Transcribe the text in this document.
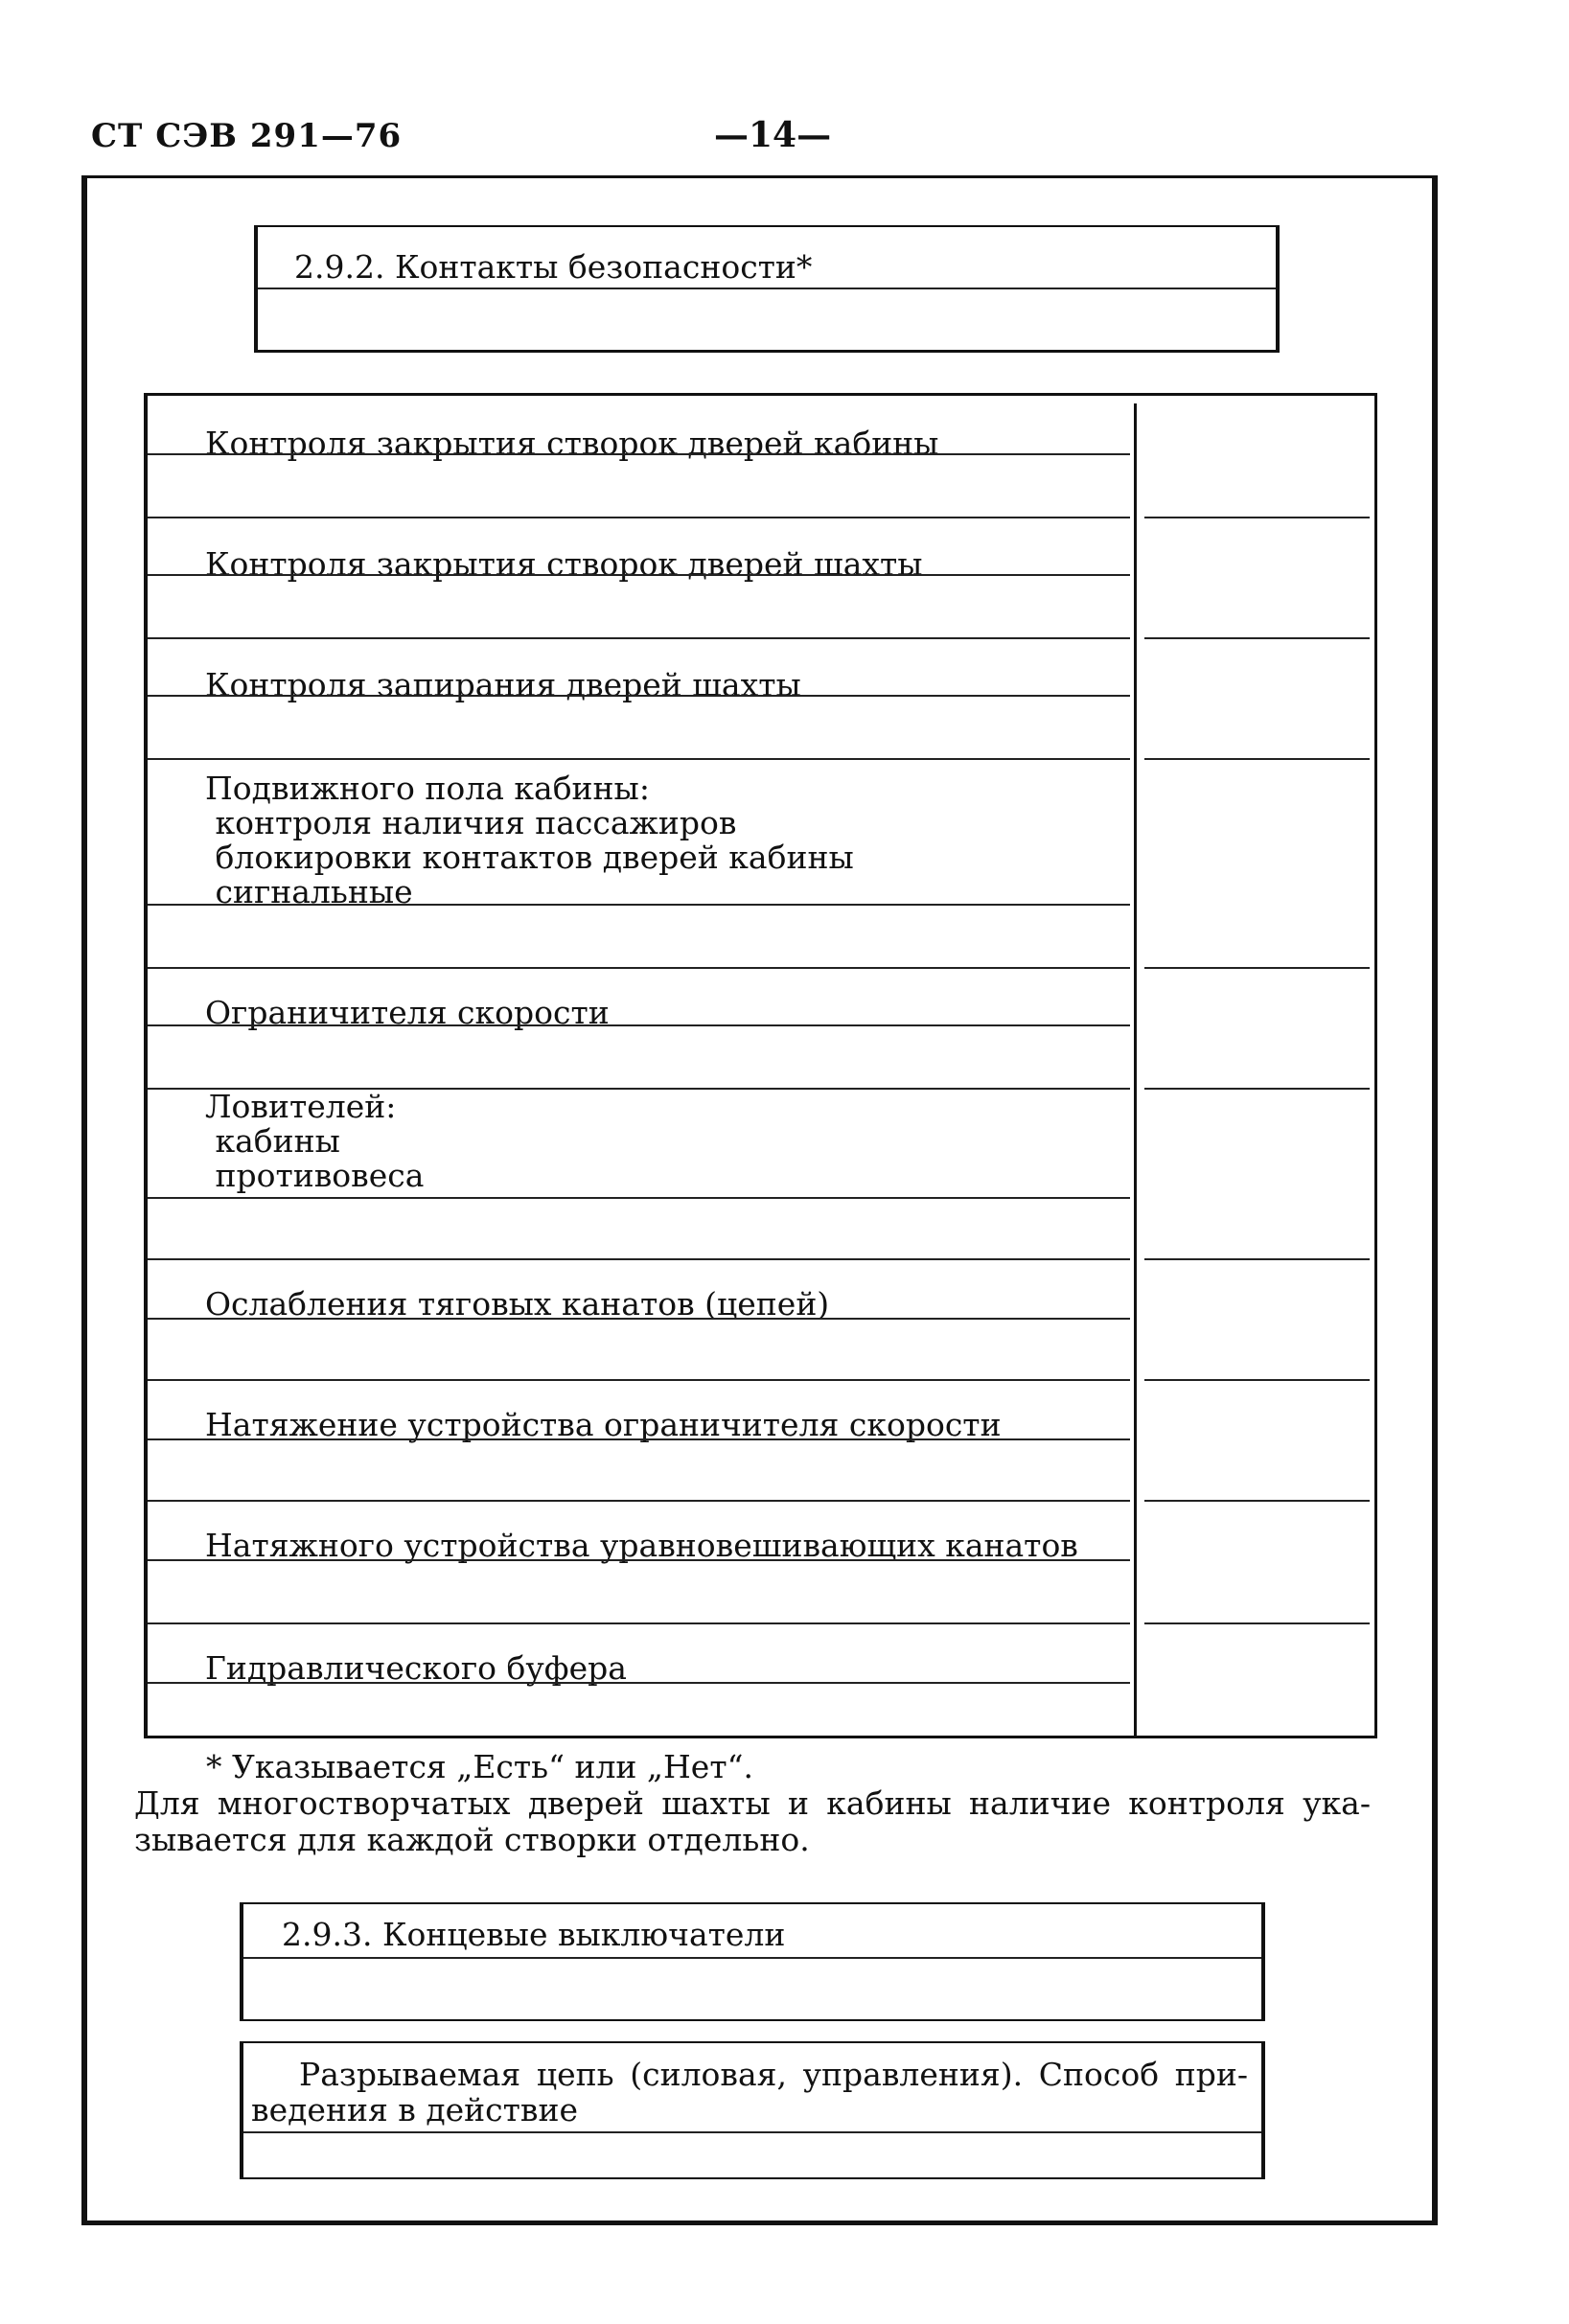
СТ СЭВ 291—76	—14—
2.9.2. Контакты безопасности*
Контроля закрытия створок дверей кабины
Контроля закрытия створок дверей шахты
Контроля запирания дверей шахты
Подвижного пола кабины:
контроля наличия пассажиров
блокировки контактов дверей кабины
сигнальные
Ограничителя скорости
Ловителей:
кабины
противовеса
Ослабления тяговых канатов (цепей)
Натяжение устройства ограничителя скорости
Натяжного устройства уравновешивающих канатов
Гидравлического буфера
* Указывается „Есть“ или „Нет“.
Для многостворчатых дверей шахты и кабины наличие контроля ука-
зывается для каждой створки отдельно.
2.9.3. Концевые выключатели
Разрываемая цепь (силовая, управления). Способ при-
ведения в действие
